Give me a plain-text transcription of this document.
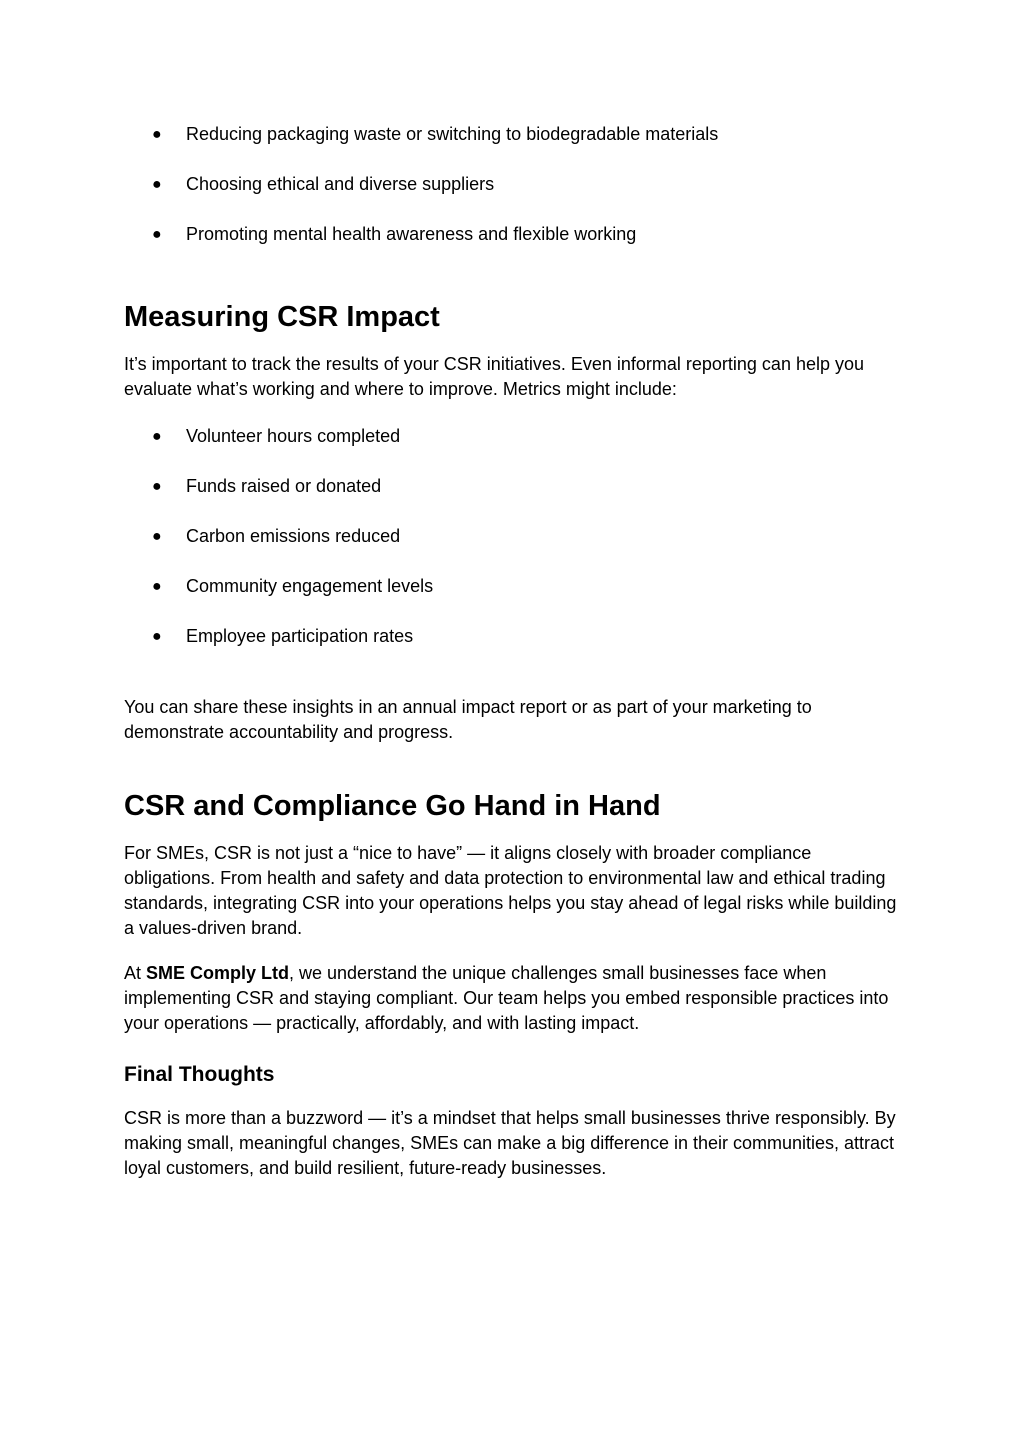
● Reducing packaging waste or switching to biodegradable materials
● Choosing ethical and diverse suppliers
● Promoting mental health awareness and flexible working
Measuring CSR Impact

It’s important to track the results of your CSR initiatives. Even informal reporting can help you evaluate what’s working and where to improve. Metrics might include:

● Volunteer hours completed
● Funds raised or donated
● Carbon emissions reduced
● Community engagement levels
● Employee participation rates

You can share these insights in an annual impact report or as part of your marketing to demonstrate accountability and progress.

CSR and Compliance Go Hand in Hand

For SMEs, CSR is not just a “nice to have” — it aligns closely with broader compliance obligations. From health and safety and data protection to environmental law and ethical trading standards, integrating CSR into your operations helps you stay ahead of legal risks while building a values-driven brand.

At SME Comply Ltd, we understand the unique challenges small businesses face when implementing CSR and staying compliant. Our team helps you embed responsible practices into your operations — practically, affordably, and with lasting impact.

Final Thoughts

CSR is more than a buzzword — it’s a mindset that helps small businesses thrive responsibly. By making small, meaningful changes, SMEs can make a big difference in their communities, attract loyal customers, and build resilient, future-ready businesses.
